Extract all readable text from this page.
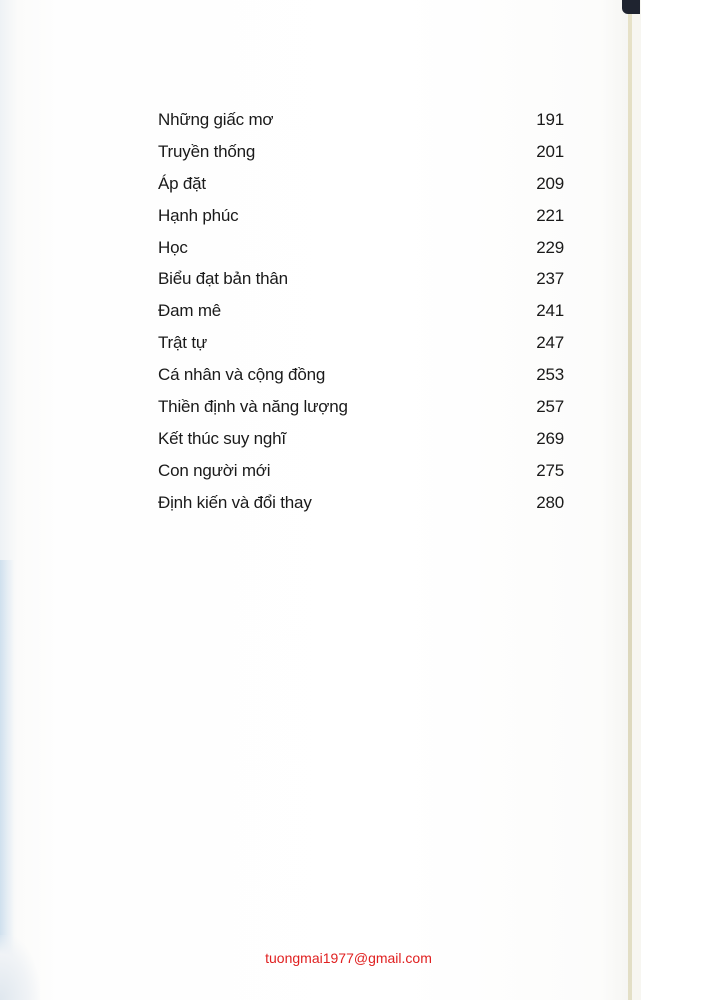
Những giấc mơ	191
Truyền thống	201
Áp đặt	209
Hạnh phúc	221
Học	229
Biểu đạt bản thân	237
Đam mê	241
Trật tự	247
Cá nhân và cộng đồng	253
Thiền định và năng lượng	257
Kết thúc suy nghĩ	269
Con người mới	275
Định kiến và đổi thay	280
tuongmai1977@gmail.com
